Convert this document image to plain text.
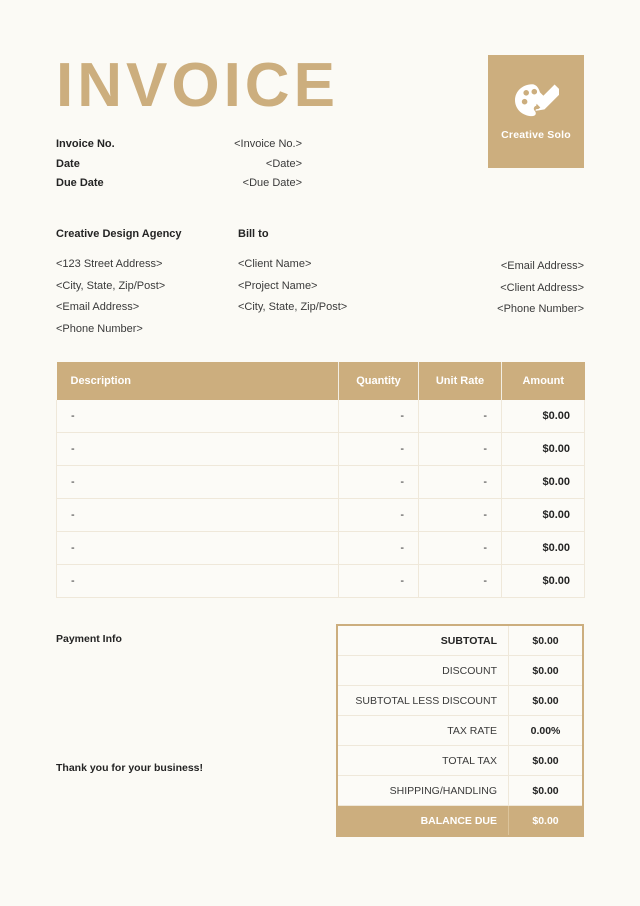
INVOICE
Creative Solo
Invoice No.	<Invoice No.>
Date	<Date>
Due Date	<Due Date>
Creative Design Agency
<123 Street Address>
<City, State, Zip/Post>
<Email Address>
<Phone Number>
Bill to
<Client Name>
<Project Name>
<City, State, Zip/Post>
<Email Address>
<Client Address>
<Phone Number>
Description	Quantity	Unit Rate	Amount
-	-	-	$0.00
-	-	-	$0.00
-	-	-	$0.00
-	-	-	$0.00
-	-	-	$0.00
-	-	-	$0.00
Payment Info
Thank you for your business!
SUBTOTAL	$0.00
DISCOUNT	$0.00
SUBTOTAL LESS DISCOUNT	$0.00
TAX RATE	0.00%
TOTAL TAX	$0.00
SHIPPING/HANDLING	$0.00
BALANCE DUE	$0.00
